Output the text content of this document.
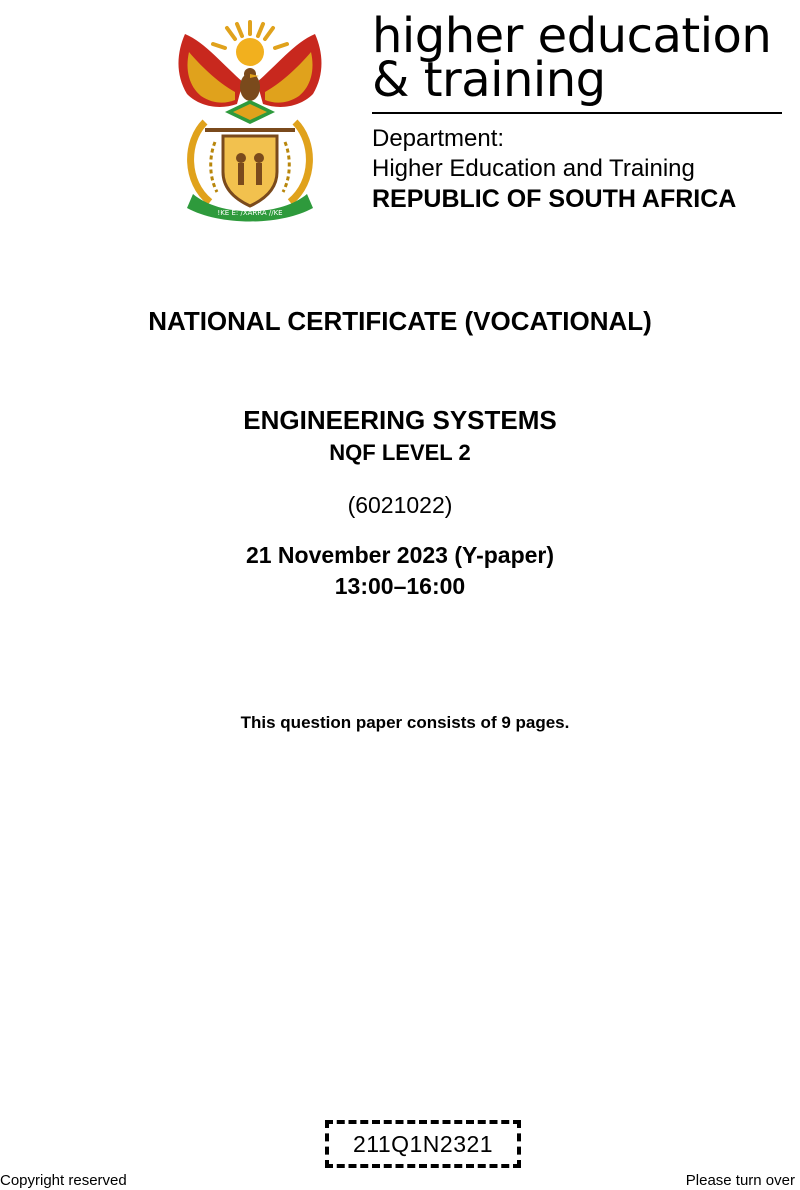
!KE E: /XARRA //KE
higher education
& training
Department:
Higher Education and Training
REPUBLIC OF SOUTH AFRICA
NATIONAL CERTIFICATE (VOCATIONAL)
ENGINEERING SYSTEMS
NQF LEVEL 2
(6021022)
21 November 2023 (Y-paper)
13:00–16:00
This question paper consists of 9 pages.
211Q1N2321
Copyright reserved	Please turn over
